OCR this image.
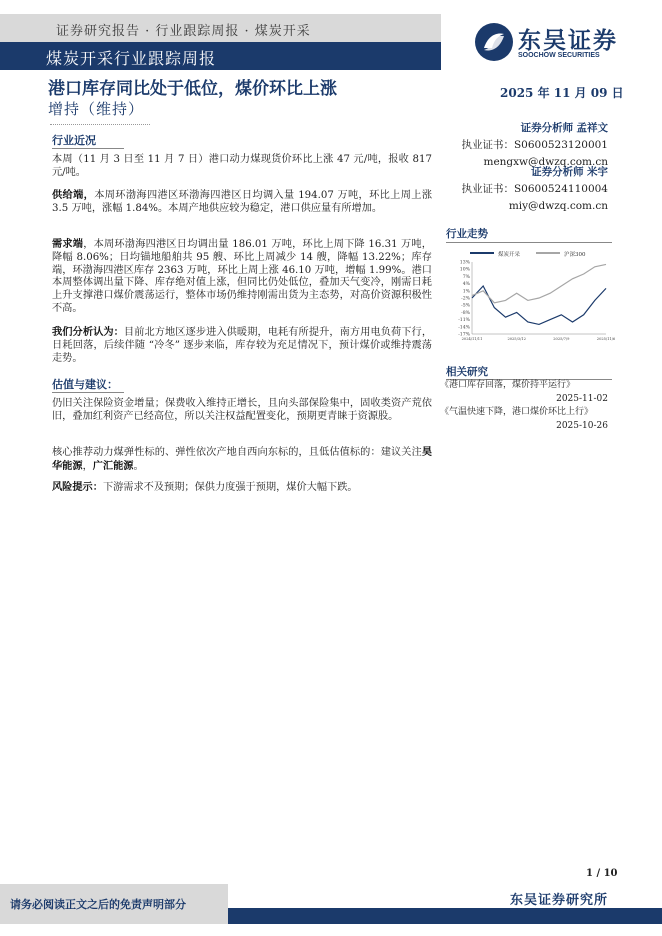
证券研究报告 · 行业跟踪周报 · 煤炭开采
煤炭开采行业跟踪周报
东吴证券
SOOCHOW SECURITIES
港口库存同比处于低位，煤价环比上涨	2025 年 11 月 09 日
增持（维持）
行业近况
本周（11 月 3 日至 11 月 7 日）港口动力煤现货价环比上涨 47 元/吨，报收 817 元/吨。
供给端，本周环渤海四港区环渤海四港区日均调入量 194.07 万吨，环比上周上涨 3.5 万吨，涨幅 1.84%。本周产地供应较为稳定，港口供应量有所增加。
需求端，本周环渤海四港区日均调出量 186.01 万吨，环比上周下降 16.31 万吨，降幅 8.06%；日均锚地船舶共 95 艘、环比上周减少 14 艘，降幅 13.22%；库存端，环渤海四港区库存 2363 万吨，环比上周上涨 46.10 万吨，增幅 1.99%。港口本周整体调出量下降、库存绝对值上涨，但同比仍处低位，叠加天气变冷，刚需日耗上升支撑港口煤价震荡运行，整体市场仍维持刚需出货为主态势，对高价资源积极性不高。
我们分析认为：目前北方地区逐步进入供暖期，电耗有所提升，南方用电负荷下行，日耗回落，后续伴随 “冷冬” 逐步来临，库存较为充足情况下，预计煤价或维持震荡走势。
估值与建议：
仍旧关注保险资金增量；保费收入维持正增长，且向头部保险集中，固收类资产荒依旧，叠加红利资产已经高位，所以关注权益配置变化，预期更青睐于资源股。
核心推荐动力煤弹性标的、弹性依次产地自西向东标的，且低估值标的：建议关注昊华能源，广汇能源。
风险提示：下游需求不及预期；保供力度强于预期，煤价大幅下跌。
证券分析师 孟祥文
执业证书：S0600523120001
mengxw@dwzq.com.cn
证券分析师 米宇
执业证书：S0600524110004
miy@dwzq.com.cn
行业走势
煤炭开采	沪深300
13%
10%
7%
4%
1%
-2%
-5%
-8%
-11%
-14%
-17%
2024/11/11	2025/3/12	2025/7/9	2025/11/6
相关研究
《港口库存回落，煤价持平运行》
2025-11-02
《气温快速下降，港口煤价环比上行》
2025-10-26
1 / 10
请务必阅读正文之后的免责声明部分	东吴证券研究所
